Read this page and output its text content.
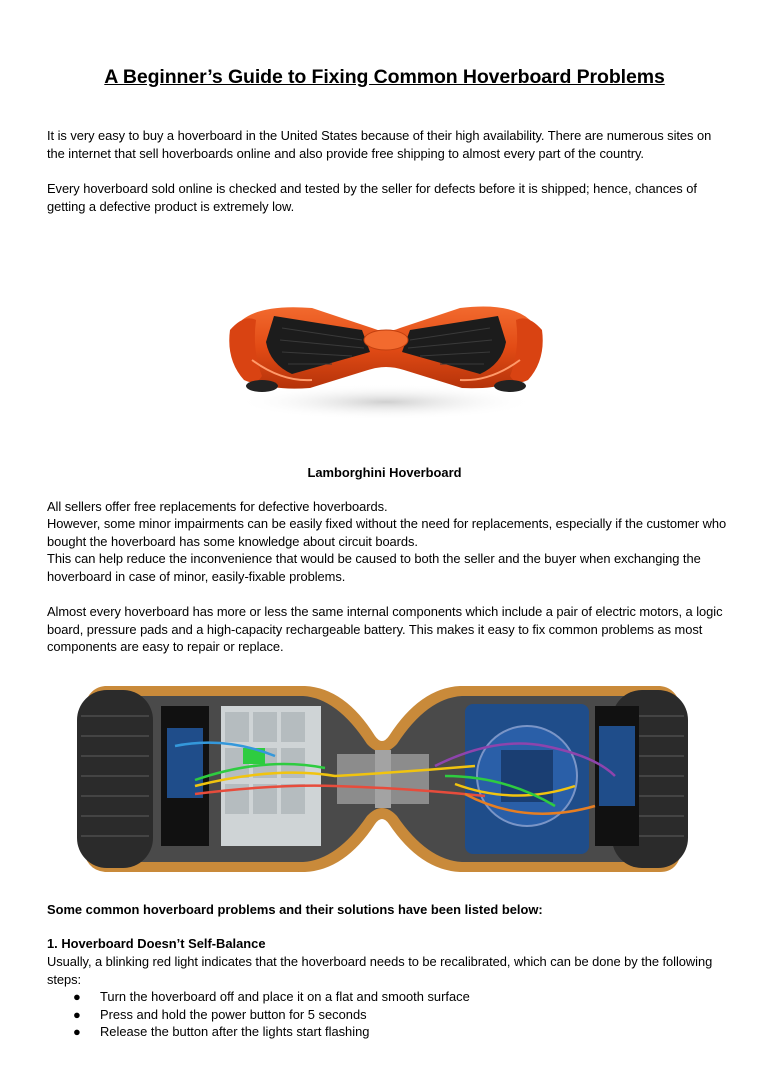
A Beginner’s Guide to Fixing Common Hoverboard Problems

It is very easy to buy a hoverboard in the United States because of their high availability. There are numerous sites on the internet that sell hoverboards online and also provide free shipping to almost every part of the country.

Every hoverboard sold online is checked and tested by the seller for defects before it is shipped; hence, chances of getting a defective product is extremely low.

Lamborghini Hoverboard

All sellers offer free replacements for defective hoverboards.

However, some minor impairments can be easily fixed without the need for replacements, especially if the customer who bought the hoverboard has some knowledge about circuit boards.

This can help reduce the inconvenience that would be caused to both the seller and the buyer when exchanging the hoverboard in case of minor, easily-fixable problems.

Almost every hoverboard has more or less the same internal components which include a pair of electric motors, a logic board, pressure pads and a high-capacity rechargeable battery. This makes it easy to fix common problems as most components are easy to repair or replace.

Some common hoverboard problems and their solutions have been listed below:
1. Hoverboard Doesn’t Self-Balance

Usually, a blinking red light indicates that the hoverboard needs to be recalibrated, which can be done by the following steps:

● Turn the hoverboard off and place it on a flat and smooth surface
● Press and hold the power button for 5 seconds
● Release the button after the lights start flashing
